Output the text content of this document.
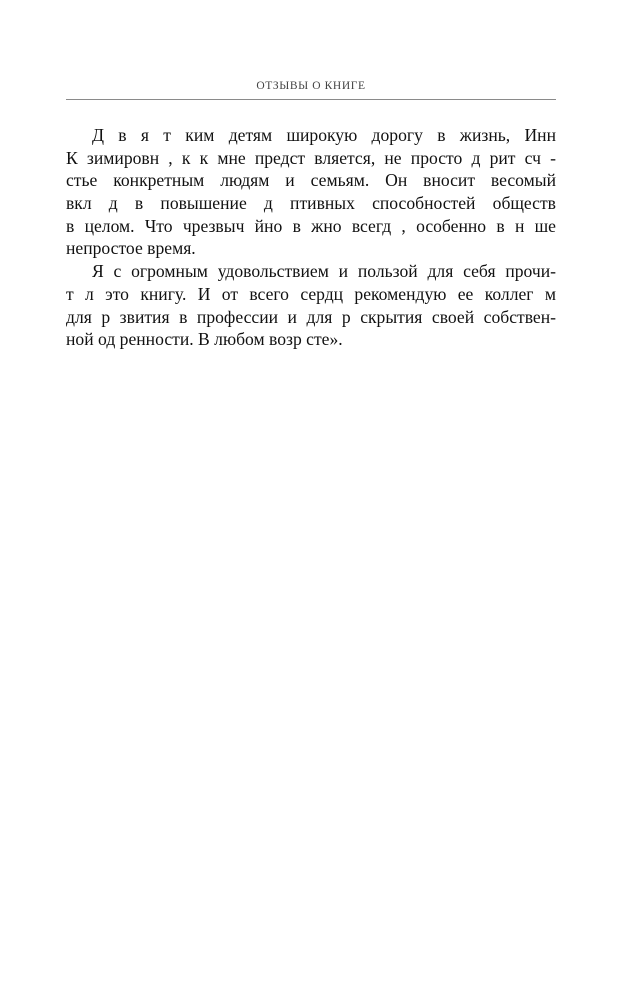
ОТЗЫВЫ О КНИГЕ
Д в я т ким детям широкую дорогу в жизнь, Инн
К зимировн , к к мне предст вляется, не просто д рит сч -
стье конкретным людям и семьям. Он вносит весомый
вкл д в повышение д птивных способностей обществ
в целом. Что чрезвыч йно в жно всегд , особенно в н ше
непростое время.
Я с огромным удовольствием и пользой для себя прочи-
т л это книгу. И от всего сердц рекомендую ее коллег м
для р звития в профессии и для р скрытия своей собствен-
ной од ренности. В любом возр сте».
